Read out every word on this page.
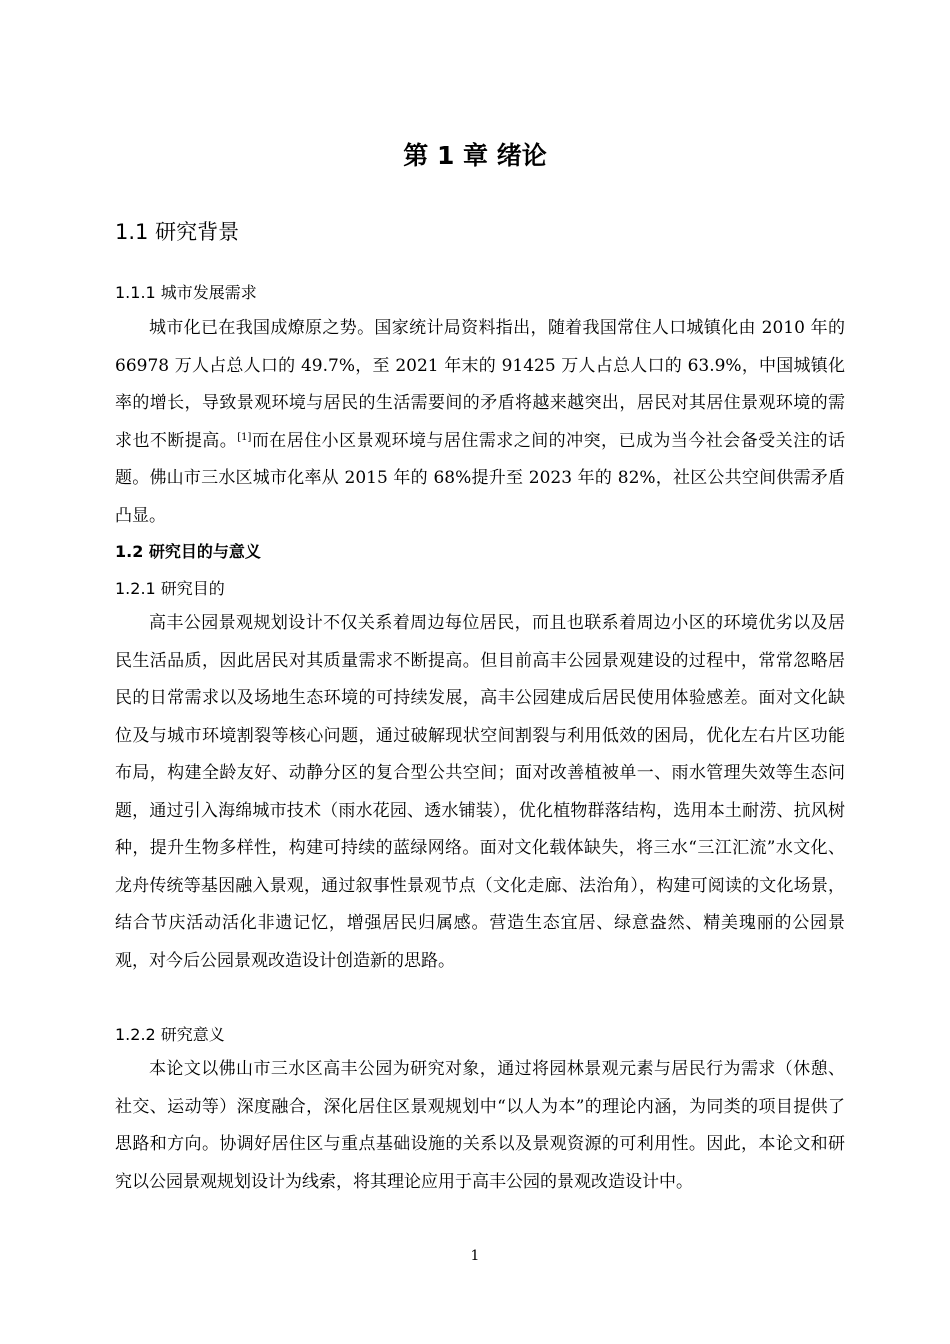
第 1 章 绪论
1.1 研究背景
1.1.1 城市发展需求

城市化已在我国成燎原之势。国家统计局资料指出，随着我国常住人口城镇化由 2010 年的 66978 万人占总人口的 49.7%，至 2021 年末的 91425 万人占总人口的 63.9%，中国城镇化率的增长，导致景观环境与居民的生活需要间的矛盾将越来越突出，居民对其居住景观环境的需求也不断提高。[1]而在居住小区景观环境与居住需求之间的冲突，已成为当今社会备受关注的话题。佛山市三水区城市化率从 2015 年的 68%提升至 2023 年的 82%，社区公共空间供需矛盾凸显。

1.2 研究目的与意义
1.2.1 研究目的

高丰公园景观规划设计不仅关系着周边每位居民，而且也联系着周边小区的环境优劣以及居民生活品质，因此居民对其质量需求不断提高。但目前高丰公园景观建设的过程中，常常忽略居民的日常需求以及场地生态环境的可持续发展，高丰公园建成后居民使用体验感差。面对文化缺位及与城市环境割裂等核心问题，通过破解现状空间割裂与利用低效的困局，优化左右片区功能布局，构建全龄友好、动静分区的复合型公共空间；面对改善植被单一、雨水管理失效等生态问题，通过引入海绵城市技术（雨水花园、透水铺装），优化植物群落结构，选用本土耐涝、抗风树种，提升生物多样性，构建可持续的蓝绿网络。面对文化载体缺失，将三水“三江汇流”水文化、龙舟传统等基因融入景观，通过叙事性景观节点（文化走廊、法治角），构建可阅读的文化场景，结合节庆活动活化非遗记忆，增强居民归属感。营造生态宜居、绿意盎然、精美瑰丽的公园景观，对今后公园景观改造设计创造新的思路。

1.2.2 研究意义

本论文以佛山市三水区高丰公园为研究对象，通过将园林景观元素与居民行为需求（休憩、社交、运动等）深度融合，深化居住区景观规划中“以人为本”的理论内涵，为同类的项目提供了思路和方向。协调好居住区与重点基础设施的关系以及景观资源的可利用性。因此，本论文和研究以公园景观规划设计为线索，将其理论应用于高丰公园的景观改造设计中。

1
